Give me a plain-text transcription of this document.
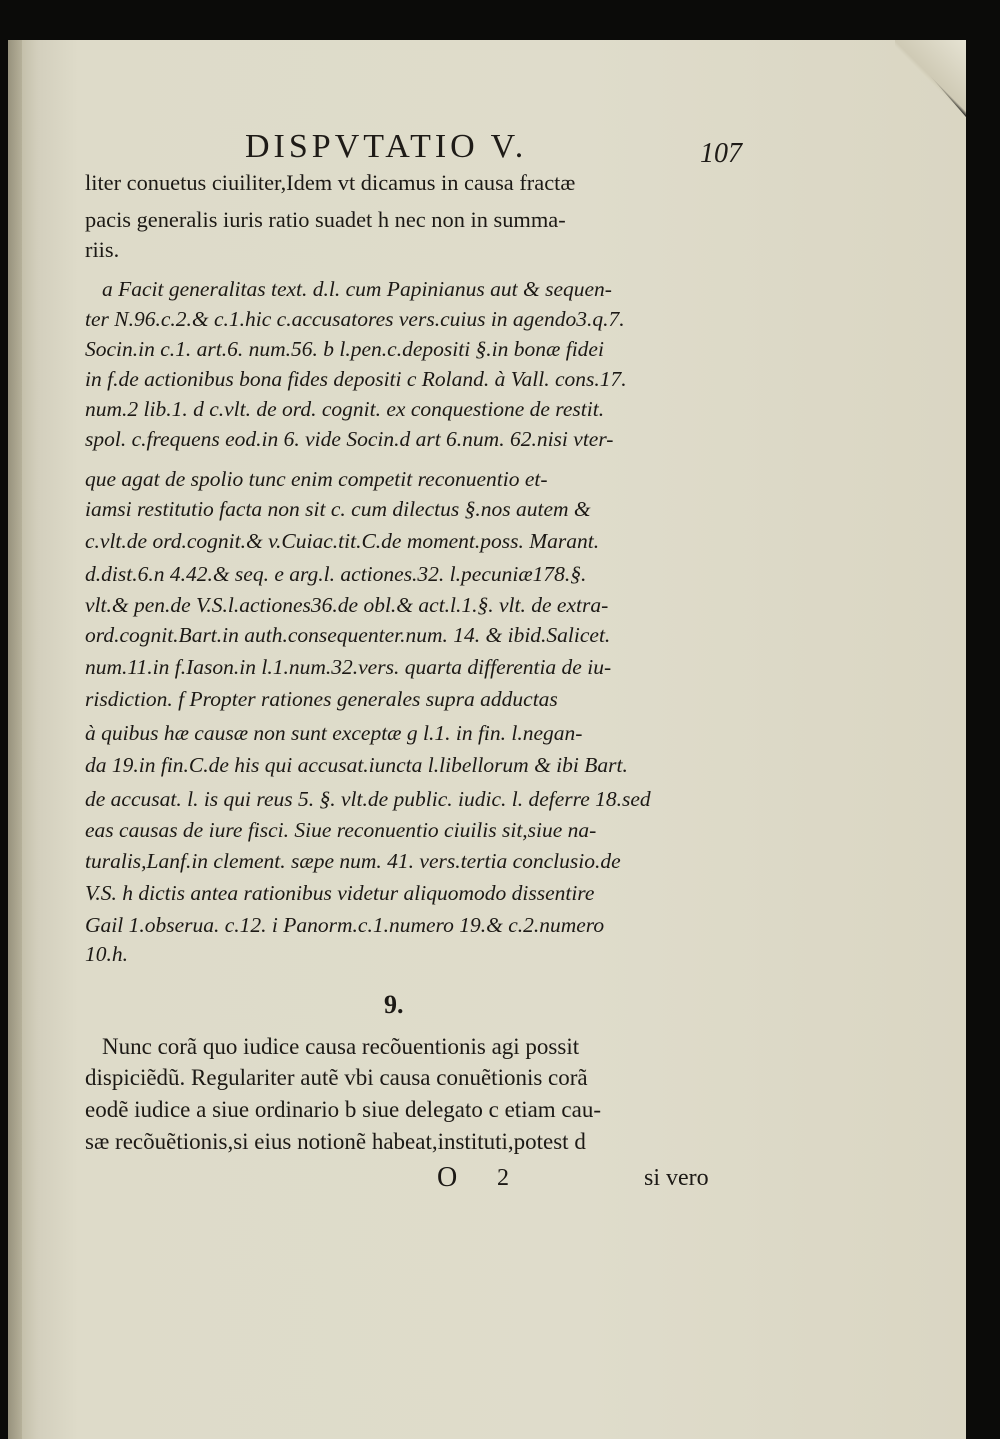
DISPVTATIO V.	107

liter conuetus ciuiliter,Idem vt dicamus in causa fractæ

pacis generalis iuris ratio suadet h nec non in summa-

riis.

a Facit generalitas text. d.l. cum Papinianus aut & sequen-

ter N.96.c.2.& c.1.hic c.accusatores vers.cuius in agendo3.q.7.

Socin.in c.1. art.6. num.56. b l.pen.c.depositi §.in bonæ fidei

in f.de actionibus bona fides depositi c Roland. à Vall. cons.17.

num.2 lib.1. d c.vlt. de ord. cognit. ex conquestione de restit.

spol. c.frequens eod.in 6. vide Socin.d art 6.num. 62.nisi vter-

que agat de spolio tunc enim competit reconuentio et-

iamsi restitutio facta non sit c. cum dilectus §.nos autem &

c.vlt.de ord.cognit.& v.Cuiac.tit.C.de moment.poss. Marant.

d.dist.6.n 4.42.& seq. e arg.l. actiones.32. l.pecuniæ178.§.

vlt.& pen.de V.S.l.actiones36.de obl.& act.l.1.§. vlt. de extra-

ord.cognit.Bart.in auth.consequenter.num. 14. & ibid.Salicet.

num.11.in f.Iason.in l.1.num.32.vers. quarta differentia de iu-

risdiction. f Propter rationes generales supra adductas

à quibus hæ causæ non sunt exceptæ g l.1. in fin. l.negan-

da 19.in fin.C.de his qui accusat.iuncta l.libellorum & ibi Bart.

de accusat. l. is qui reus 5. §. vlt.de public. iudic. l. deferre 18.sed

eas causas de iure fisci. Siue reconuentio ciuilis sit,siue na-

turalis,Lanf.in clement. sæpe num. 41. vers.tertia conclusio.de

V.S. h dictis antea rationibus videtur aliquomodo dissentire

Gail 1.obserua. c.12. i Panorm.c.1.numero 19.& c.2.numero

10.h.

9.

Nunc corã quo iudice causa recõuentionis agi possit

dispiciẽdũ. Regulariter autẽ vbi causa conuẽtionis corã

eodẽ iudice a siue ordinario b siue delegato c etiam cau-

sæ recõuẽtionis,si eius notionẽ habeat,instituti,potest d

O 2	si vero
